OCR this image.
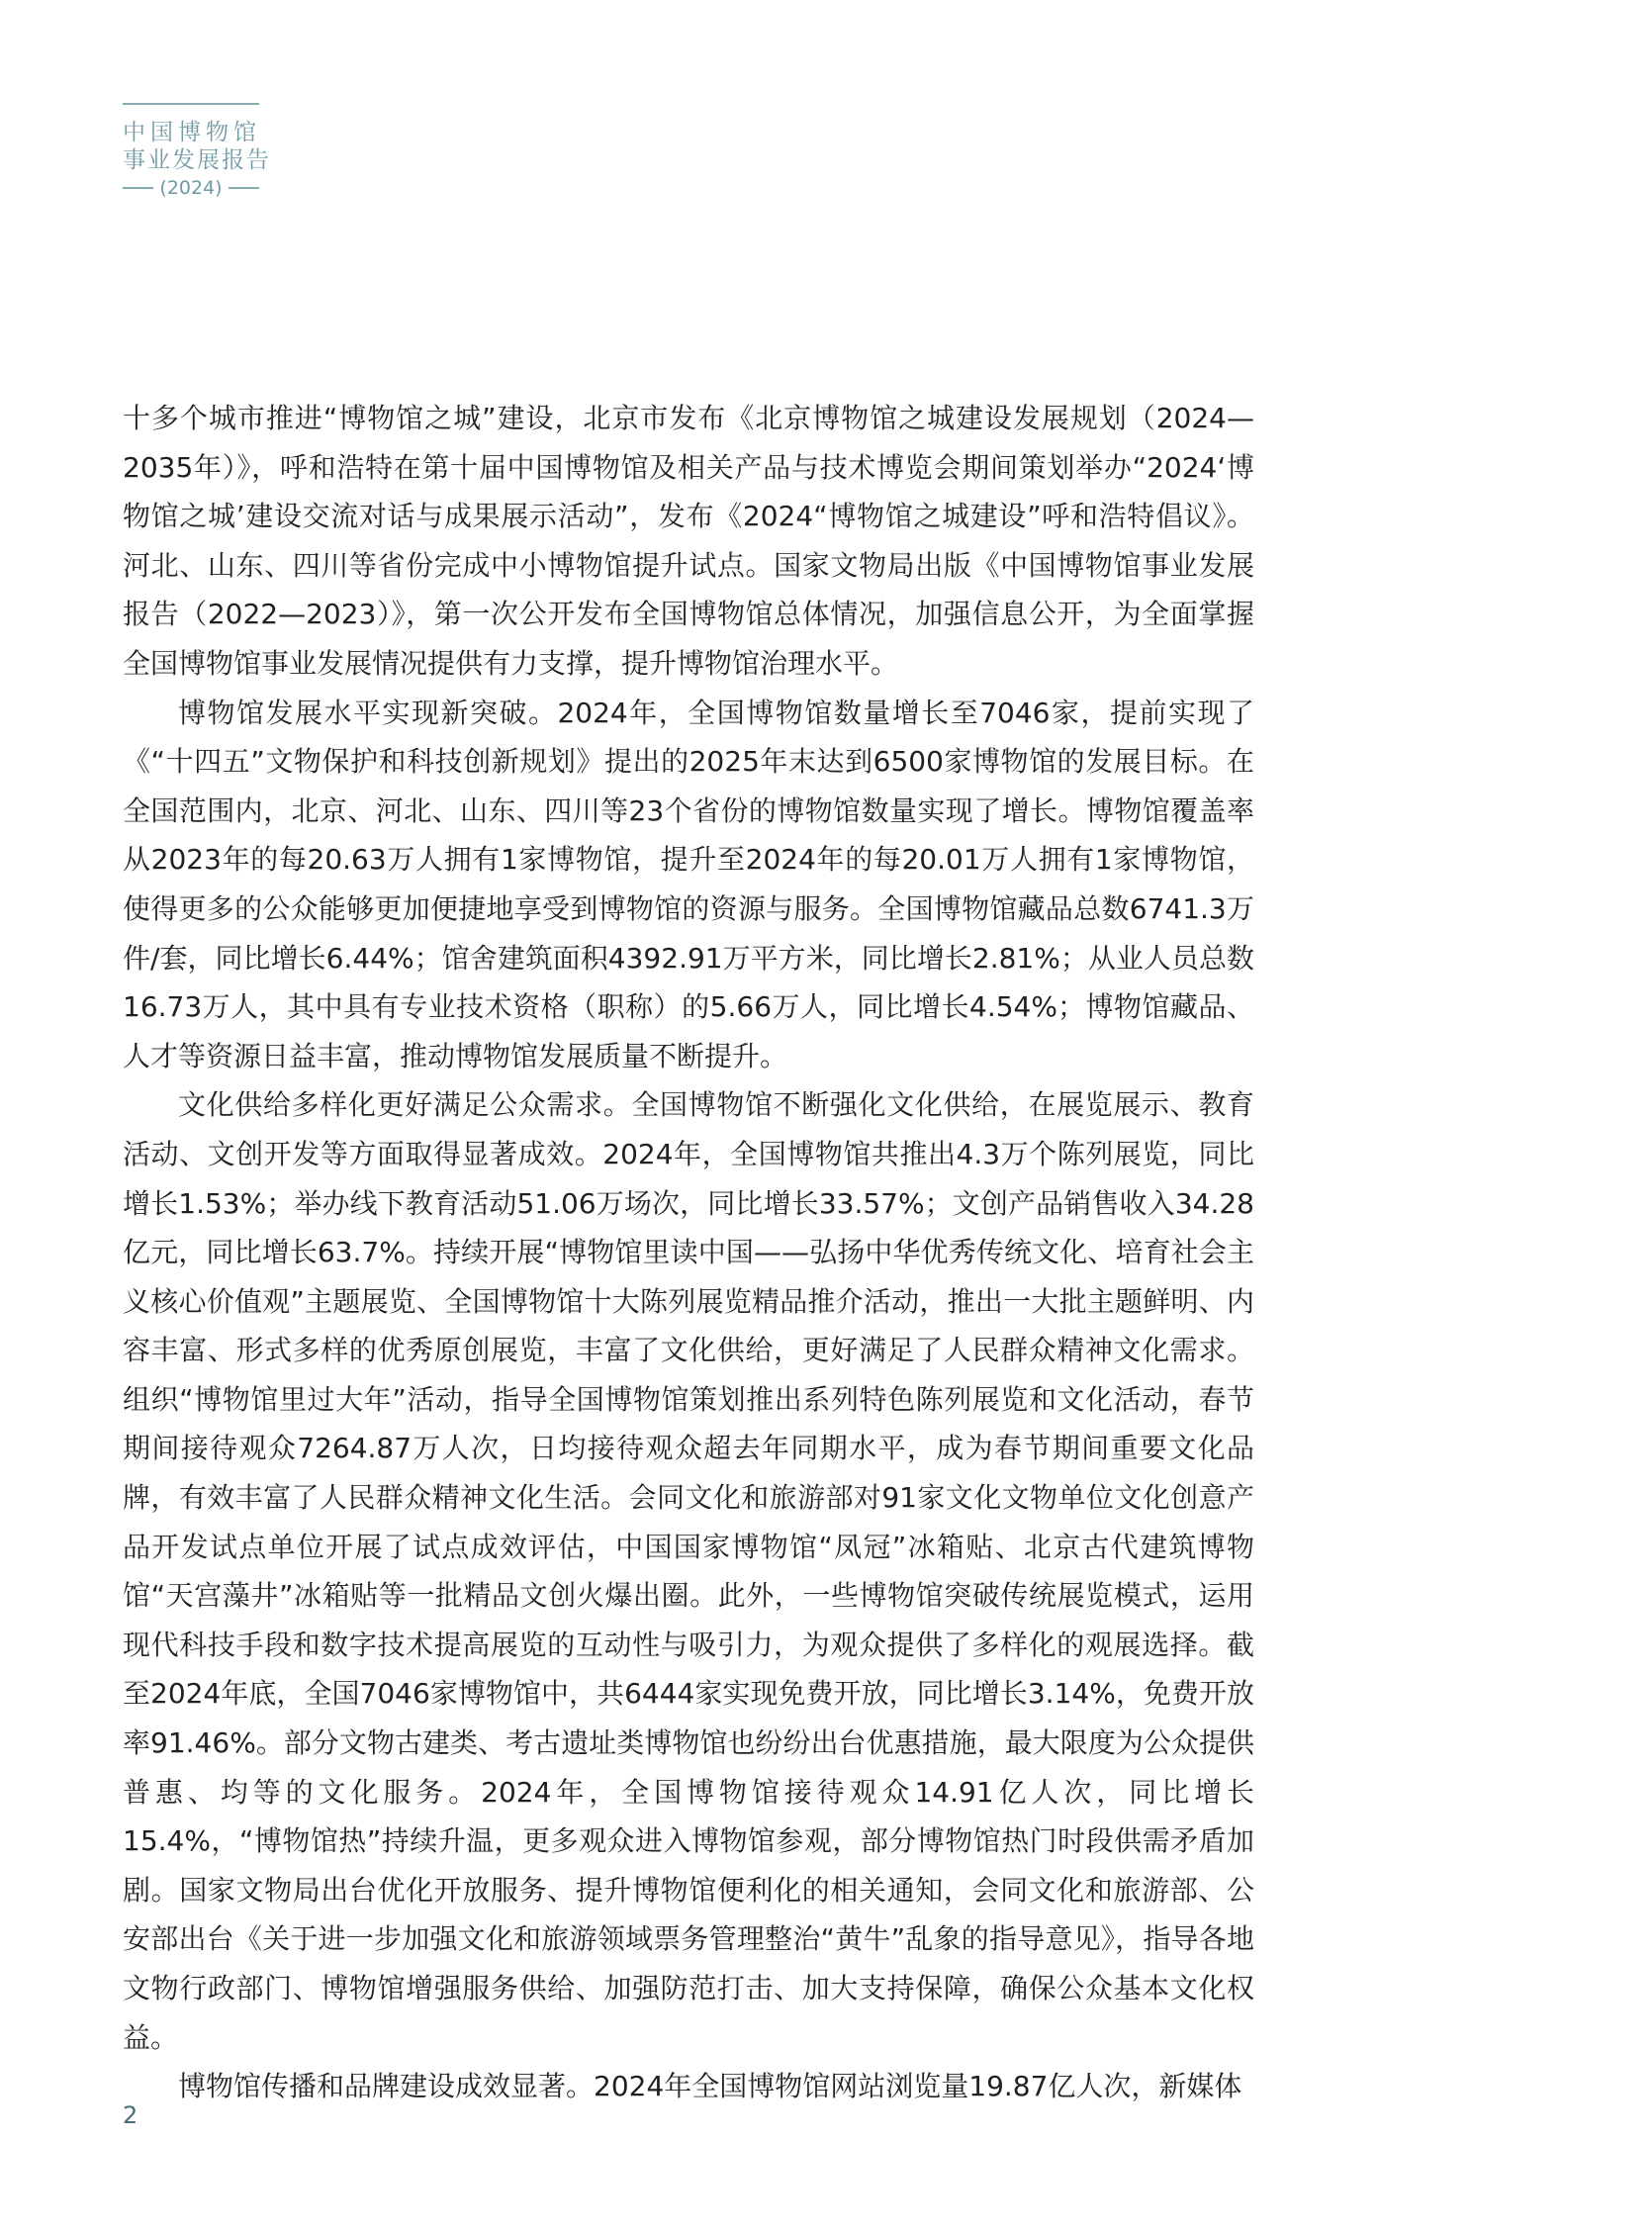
中国博物馆
事业发展报告
(2024)

十多个城市推进“博物馆之城”建设，北京市发布《北京博物馆之城建设发展规划（2024—2035年）》，呼和浩特在第十届中国博物馆及相关产品与技术博览会期间策划举办“2024‘博物馆之城’建设交流对话与成果展示活动”，发布《2024“博物馆之城建设”呼和浩特倡议》。河北、山东、四川等省份完成中小博物馆提升试点。国家文物局出版《中国博物馆事业发展报告（2022—2023）》，第一次公开发布全国博物馆总体情况，加强信息公开，为全面掌握全国博物馆事业发展情况提供有力支撑，提升博物馆治理水平。

博物馆发展水平实现新突破。2024年，全国博物馆数量增长至7046家，提前实现了《“十四五”文物保护和科技创新规划》提出的2025年末达到6500家博物馆的发展目标。在全国范围内，北京、河北、山东、四川等23个省份的博物馆数量实现了增长。博物馆覆盖率从2023年的每20.63万人拥有1家博物馆，提升至2024年的每20.01万人拥有1家博物馆，使得更多的公众能够更加便捷地享受到博物馆的资源与服务。全国博物馆藏品总数6741.3万件/套，同比增长6.44%；馆舍建筑面积4392.91万平方米，同比增长2.81%；从业人员总数16.73万人，其中具有专业技术资格（职称）的5.66万人，同比增长4.54%；博物馆藏品、人才等资源日益丰富，推动博物馆发展质量不断提升。

文化供给多样化更好满足公众需求。全国博物馆不断强化文化供给，在展览展示、教育活动、文创开发等方面取得显著成效。2024年，全国博物馆共推出4.3万个陈列展览，同比增长1.53%；举办线下教育活动51.06万场次，同比增长33.57%；文创产品销售收入34.28亿元，同比增长63.7%。持续开展“博物馆里读中国——弘扬中华优秀传统文化、培育社会主义核心价值观”主题展览、全国博物馆十大陈列展览精品推介活动，推出一大批主题鲜明、内容丰富、形式多样的优秀原创展览，丰富了文化供给，更好满足了人民群众精神文化需求。组织“博物馆里过大年”活动，指导全国博物馆策划推出系列特色陈列展览和文化活动，春节期间接待观众7264.87万人次，日均接待观众超去年同期水平，成为春节期间重要文化品牌，有效丰富了人民群众精神文化生活。会同文化和旅游部对91家文化文物单位文化创意产品开发试点单位开展了试点成效评估，中国国家博物馆“凤冠”冰箱贴、北京古代建筑博物馆“天宫藻井”冰箱贴等一批精品文创火爆出圈。此外，一些博物馆突破传统展览模式，运用现代科技手段和数字技术提高展览的互动性与吸引力，为观众提供了多样化的观展选择。截至2024年底，全国7046家博物馆中，共6444家实现免费开放，同比增长3.14%，免费开放率91.46%。部分文物古建类、考古遗址类博物馆也纷纷出台优惠措施，最大限度为公众提供普惠、均等的文化服务。2024年，全国博物馆接待观众14.91亿人次，同比增长15.4%，“博物馆热”持续升温，更多观众进入博物馆参观，部分博物馆热门时段供需矛盾加剧。国家文物局出台优化开放服务、提升博物馆便利化的相关通知，会同文化和旅游部、公安部出台《关于进一步加强文化和旅游领域票务管理整治“黄牛”乱象的指导意见》，指导各地文物行政部门、博物馆增强服务供给、加强防范打击、加大支持保障，确保公众基本文化权益。

博物馆传播和品牌建设成效显著。2024年全国博物馆网站浏览量19.87亿人次，新媒体

2
